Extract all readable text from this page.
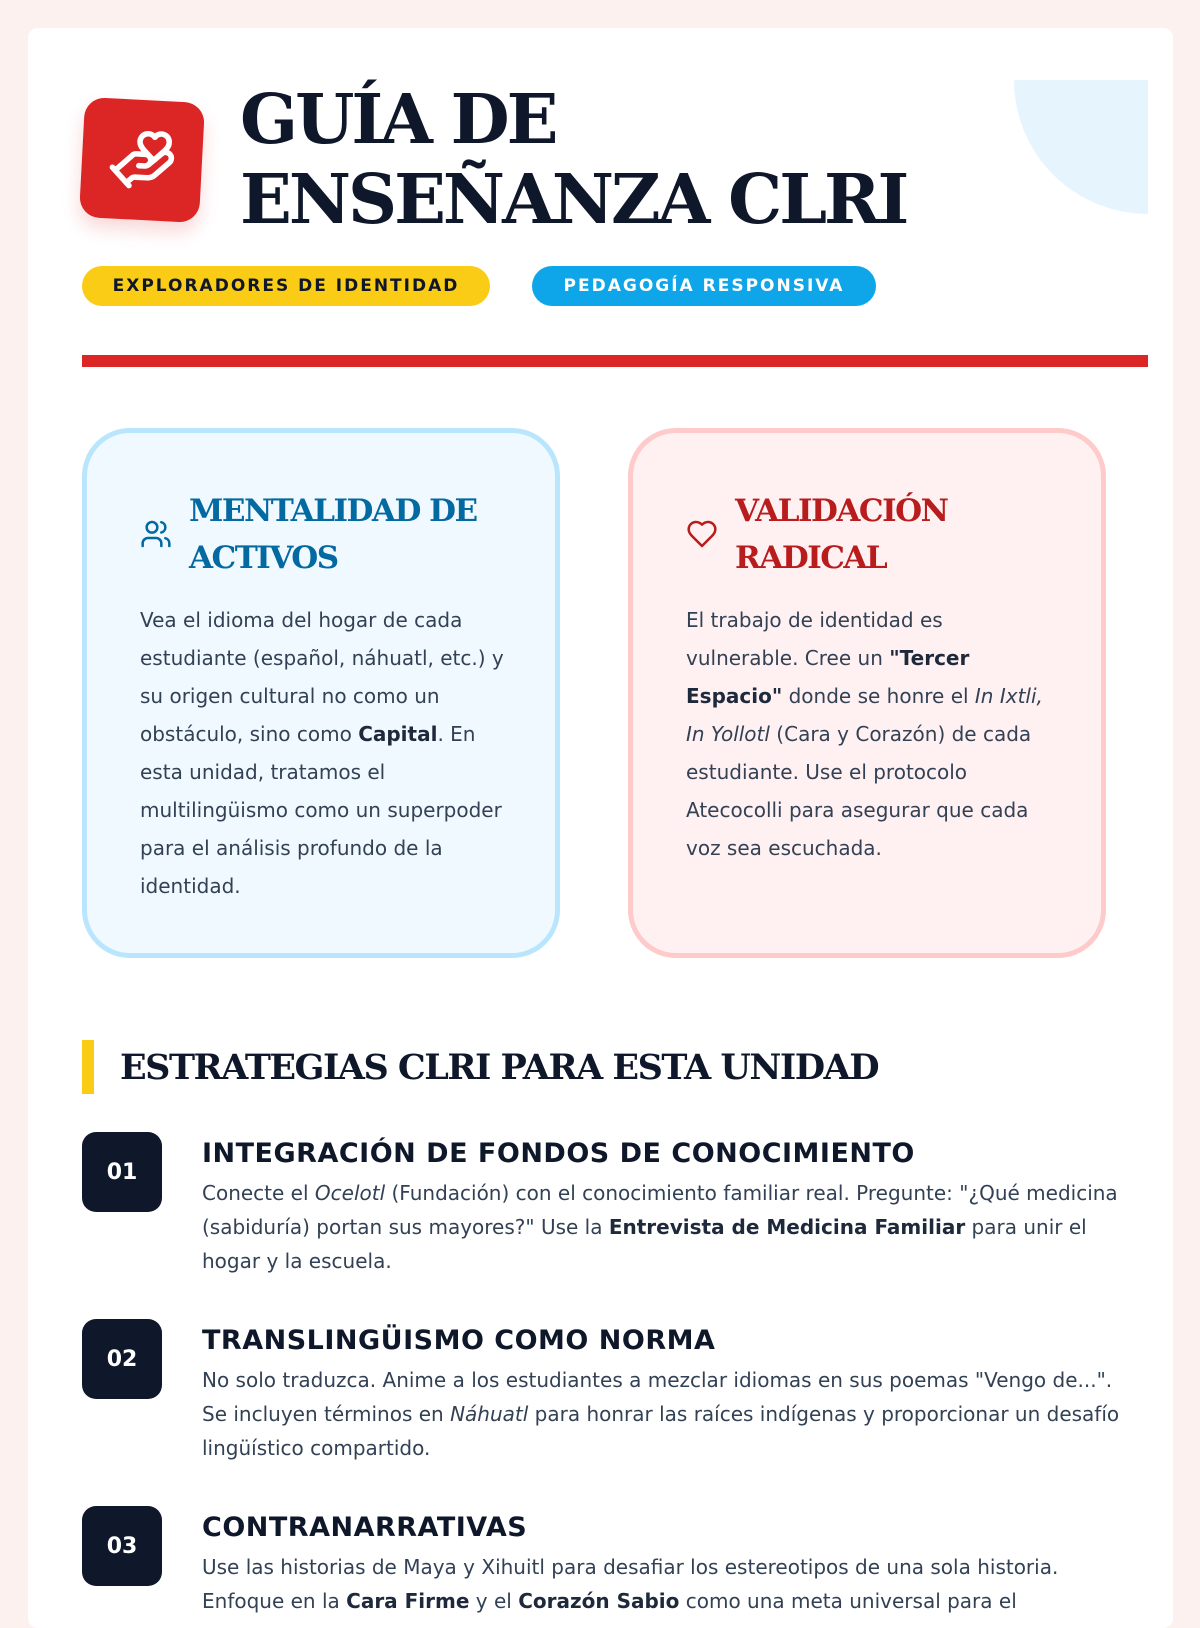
GUÍA DE ENSEÑANZA CLRI
EXPLORADORES DE IDENTIDAD	PEDAGOGÍA RESPONSIVA
MENTALIDAD DE ACTIVOS

Vea el idioma del hogar de cada estudiante (español, náhuatl, etc.) y su origen cultural no como un obstáculo, sino como Capital. En esta unidad, tratamos el multilingüismo como un superpoder para el análisis profundo de la identidad.

VALIDACIÓN RADICAL

El trabajo de identidad es vulnerable. Cree un "Tercer Espacio" donde se honre el In Ixtli, In Yollotl (Cara y Corazón) de cada estudiante. Use el protocolo Atecocolli para asegurar que cada voz sea escuchada.

ESTRATEGIAS CLRI PARA ESTA UNIDAD
01
INTEGRACIÓN DE FONDOS DE CONOCIMIENTO

Conecte el Ocelotl (Fundación) con el conocimiento familiar real. Pregunte: "¿Qué medicina (sabiduría) portan sus mayores?" Use la Entrevista de Medicina Familiar para unir el hogar y la escuela.

02
TRANSLINGÜISMO COMO NORMA

No solo traduzca. Anime a los estudiantes a mezclar idiomas en sus poemas "Vengo de...". Se incluyen términos en Náhuatl para honrar las raíces indígenas y proporcionar un desafío lingüístico compartido.

03
CONTRANARRATIVAS

Use las historias de Maya y Xihuitl para desafiar los estereotipos de una sola historia. Enfoque en la Cara Firme y el Corazón Sabio como una meta universal para el
